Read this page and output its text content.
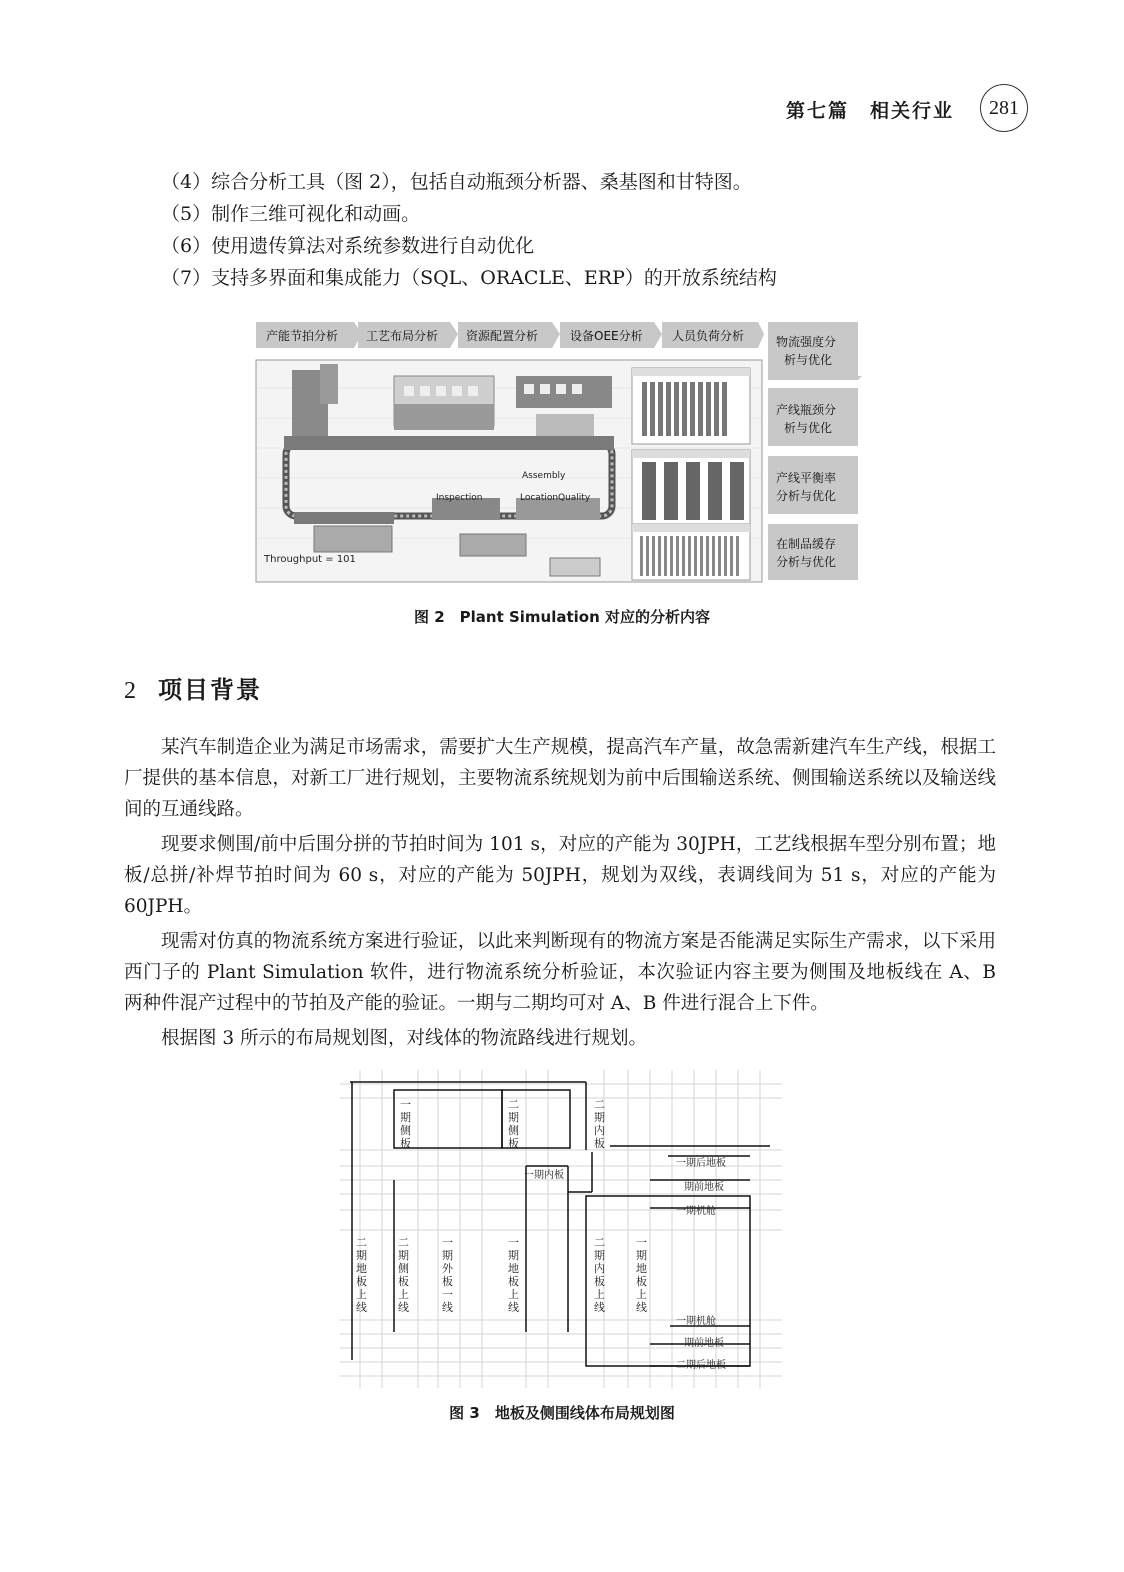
第七篇　相关行业	281
（4）综合分析工具（图 2），包括自动瓶颈分析器、桑基图和甘特图。
（5）制作三维可视化和动画。
（6）使用遗传算法对系统参数进行自动优化
（7）支持多界面和集成能力（SQL、ORACLE、ERP）的开放系统结构
产能节拍分析 工艺布局分析 资源配置分析	设备OEE分析 人员负荷分析
Assembly
Inspection	Location Quality
Throughput = 101
物流强度分
析与优化
产线瓶颈分
析与优化
产线平衡率
分析与优化
在制品缓存
分析与优化
图 2　Plant Simulation 对应的分析内容
2 项目背景

某汽车制造企业为满足市场需求，需要扩大生产规模，提高汽车产量，故急需新建汽车生产线，根据工厂提供的基本信息，对新工厂进行规划，主要物流系统规划为前中后围输送系统、侧围输送系统以及输送线间的互通线路。

现要求侧围/前中后围分拼的节拍时间为 101 s，对应的产能为 30JPH，工艺线根据车型分别布置；地板/总拼/补焊节拍时间为 60 s，对应的产能为 50JPH，规划为双线，表调线间为 51 s，对应的产能为 60JPH。

现需对仿真的物流系统方案进行验证，以此来判断现有的物流方案是否能满足实际生产需求，以下采用西门子的 Plant Simulation 软件，进行物流系统分析验证，本次验证内容主要为侧围及地板线在 A、B 两种件混产过程中的节拍及产能的验证。一期与二期均可对 A、B 件进行混合上下件。

根据图 3 所示的布局规划图，对线体的物流路线进行规划。

一期侧板
二期侧板
二期内板
二期地板上线
二期侧板上线
一期外板一线
一期地板上线
二期内板上线
一期地板上线
一期内板
一期后地板
期前地板
一期机舱
一期机舱
期前地板
二期后地板
图 3　地板及侧围线体布局规划图
